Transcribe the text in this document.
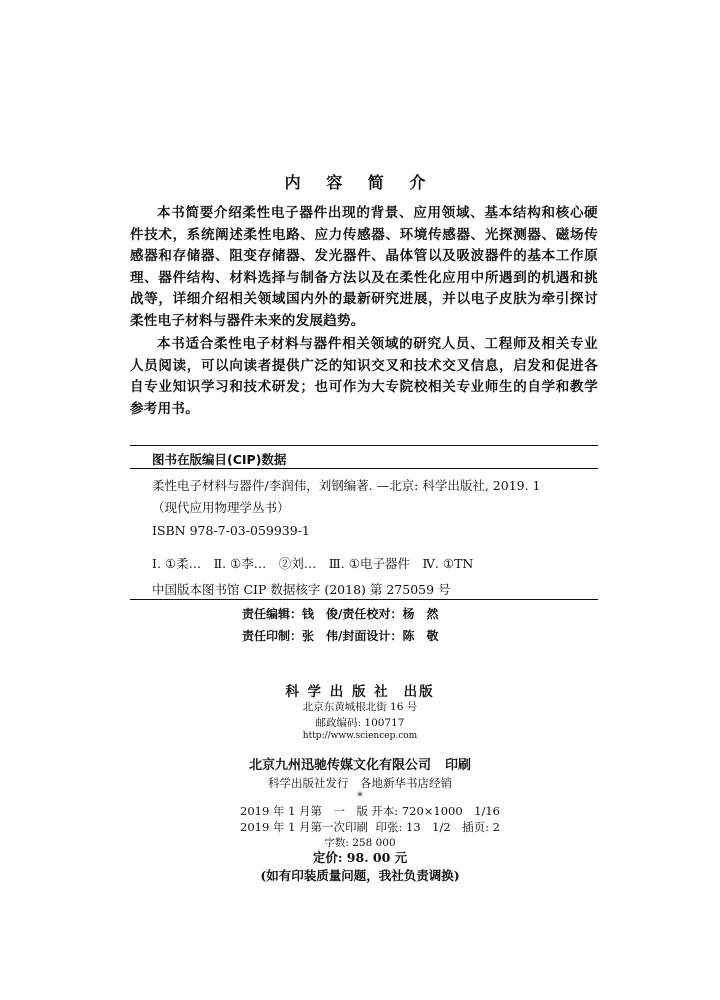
内 容 简 介

本书简要介绍柔性电子器件出现的背景、应用领域、基本结构和核心硬件技术，系统阐述柔性电路、应力传感器、环境传感器、光探测器、磁场传感器和存储器、阻变存储器、发光器件、晶体管以及吸波器件的基本工作原理、器件结构、材料选择与制备方法以及在柔性化应用中所遇到的机遇和挑战等，详细介绍相关领域国内外的最新研究进展，并以电子皮肤为牵引探讨柔性电子材料与器件未来的发展趋势。

本书适合柔性电子材料与器件相关领域的研究人员、工程师及相关专业人员阅读，可以向读者提供广泛的知识交叉和技术交叉信息，启发和促进各自专业知识学习和技术研发；也可作为大专院校相关专业师生的自学和教学参考用书。

图书在版编目(CIP)数据
柔性电子材料与器件/李润伟，刘钢编著. —北京: 科学出版社, 2019. 1
（现代应用物理学丛书）
ISBN 978-7-03-059939-1
Ⅰ. ①柔…　Ⅱ. ①李…　②刘…　Ⅲ. ①电子器件　Ⅳ. ①TN
中国版本图书馆 CIP 数据核字 (2018) 第 275059 号
责任编辑：钱　俊/责任校对：杨　然
责任印制：张　伟/封面设计：陈　敬
科 学 出 版 社 出版
北京东黄城根北街 16 号
邮政编码: 100717
http://www.sciencep.com
北京九州迅驰传媒文化有限公司 印刷
科学出版社发行　各地新华书店经销
*
2019 年 1 月第　一　版 开本: 720×1000　1/16
2019 年 1 月第一次印刷 印张: 13　1/2　插页: 2
字数: 258 000
定价: 98. 00 元
(如有印装质量问题，我社负责调换)
